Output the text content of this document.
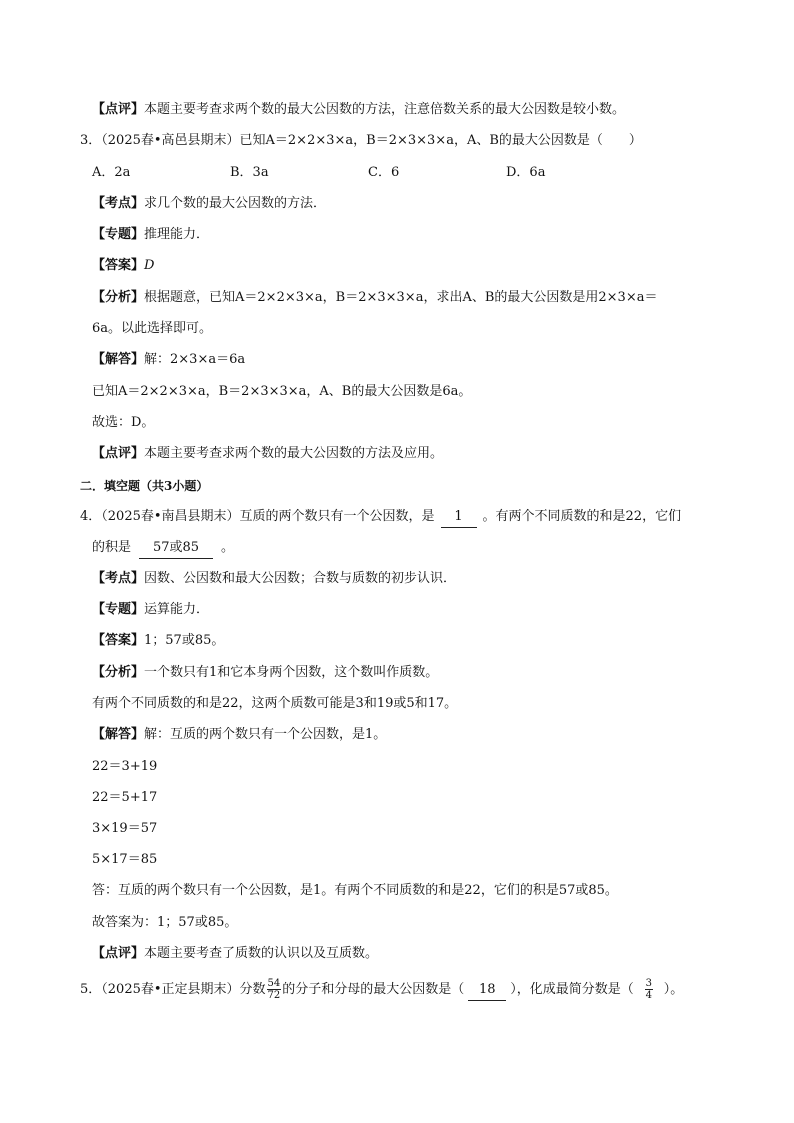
【点评】本题主要考查求两个数的最大公因数的方法，注意倍数关系的最大公因数是较小数。
3．（2025春•高邑县期末）已知A＝2×2×3×a，B＝2×3×3×a，A、B的最大公因数是（　　）
A．2a	B．3a	C．6	D．6a
【考点】求几个数的最大公因数的方法．
【专题】推理能力．
【答案】D
【分析】根据题意，已知A＝2×2×3×a，B＝2×3×3×a，求出A、B的最大公因数是用2×3×a＝
6a。以此选择即可。
【解答】解：2×3×a＝6a
已知A＝2×2×3×a，B＝2×3×3×a，A、B的最大公因数是6a。
故选：D。
【点评】本题主要考查求两个数的最大公因数的方法及应用。
二．填空题（共3小题）
4．（2025春•南昌县期末）互质的两个数只有一个公因数，是 1 。有两个不同质数的和是22，它们
的积是 57或85 。
【考点】因数、公因数和最大公因数；合数与质数的初步认识．
【专题】运算能力．
【答案】1；57或85。
【分析】一个数只有1和它本身两个因数，这个数叫作质数。
有两个不同质数的和是22，这两个质数可能是3和19或5和17。
【解答】解：互质的两个数只有一个公因数，是1。
22＝3+19
22＝5+17
3×19＝57
5×17＝85
答：互质的两个数只有一个公因数，是1。有两个不同质数的和是22，它们的积是57或85。
故答案为：1；57或85。
【点评】本题主要考查了质数的认识以及互质数。
5．（2025春•正定县期末）分数 $\frac{54}{72}$ 的分子和分母的最大公因数是（ 18 ），化成最简分数是（ $\frac{3}{4}$ ）。
